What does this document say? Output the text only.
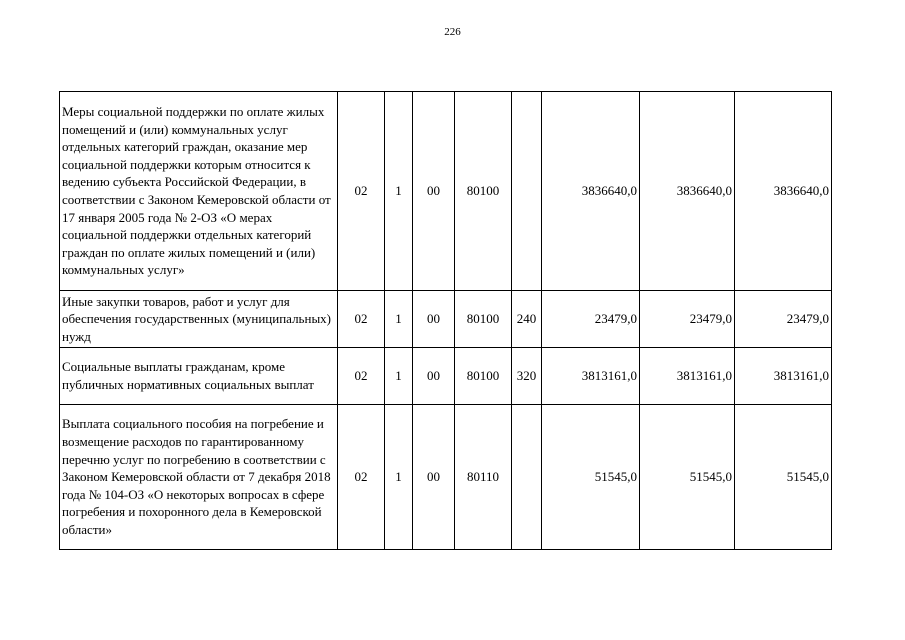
226
Меры социальной поддержки по оплате жилых помещений и (или) коммунальных услуг отдельных категорий граждан, оказание мер социальной поддержки которым относится к ведению субъекта Российской Федерации, в соответствии с Законом Кемеровской области от 17 января 2005 года № 2-ОЗ «О мерах социальной поддержки отдельных категорий граждан по оплате жилых помещений и (или) коммунальных услуг»	02	1	00	80100		3836640,0	3836640,0	3836640,0
Иные закупки товаров, работ и услуг для обеспечения государственных (муниципальных) нужд	02	1	00	80100	240	23479,0	23479,0	23479,0
Социальные выплаты гражданам, кроме публичных нормативных социальных выплат	02	1	00	80100	320	3813161,0	3813161,0	3813161,0
Выплата социального пособия на погребение и возмещение расходов по гарантированному перечню услуг по погребению в соответствии с Законом Кемеровской области от 7 декабря 2018 года № 104-ОЗ «О некоторых вопросах в сфере погребения и похоронного дела в Кемеровской области»	02	1	00	80110		51545,0	51545,0	51545,0
